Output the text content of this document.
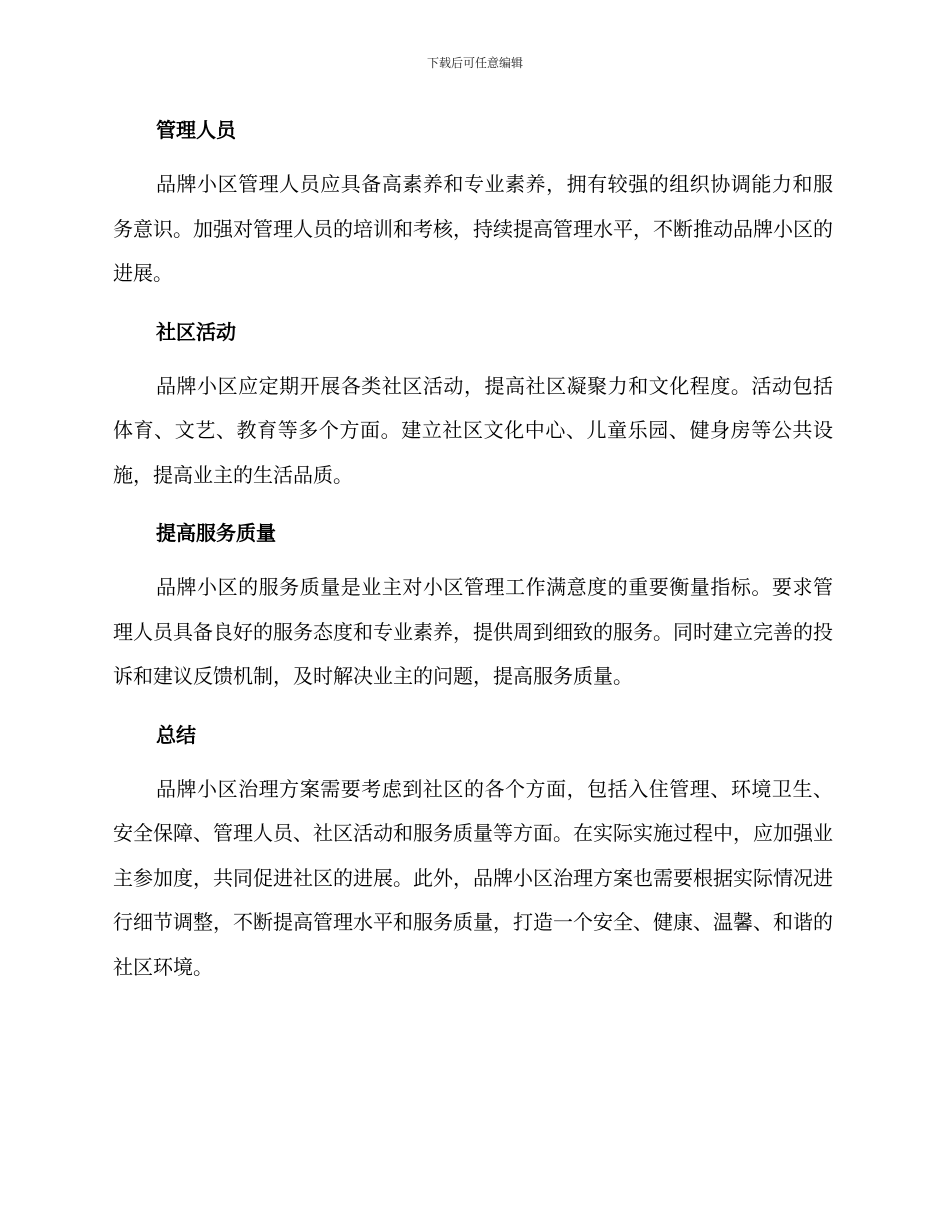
下载后可任意编辑
管理人员

品牌小区管理人员应具备高素养和专业素养，拥有较强的组织协调能力和服务意识。加强对管理人员的培训和考核，持续提高管理水平，不断推动品牌小区的进展。

社区活动

品牌小区应定期开展各类社区活动，提高社区凝聚力和文化程度。活动包括体育、文艺、教育等多个方面。建立社区文化中心、儿童乐园、健身房等公共设施，提高业主的生活品质。

提高服务质量

品牌小区的服务质量是业主对小区管理工作满意度的重要衡量指标。要求管理人员具备良好的服务态度和专业素养，提供周到细致的服务。同时建立完善的投诉和建议反馈机制，及时解决业主的问题，提高服务质量。

总结

品牌小区治理方案需要考虑到社区的各个方面，包括入住管理、环境卫生、安全保障、管理人员、社区活动和服务质量等方面。在实际实施过程中，应加强业主参加度，共同促进社区的进展。此外，品牌小区治理方案也需要根据实际情况进行细节调整，不断提高管理水平和服务质量，打造一个安全、健康、温馨、和谐的社区环境。
